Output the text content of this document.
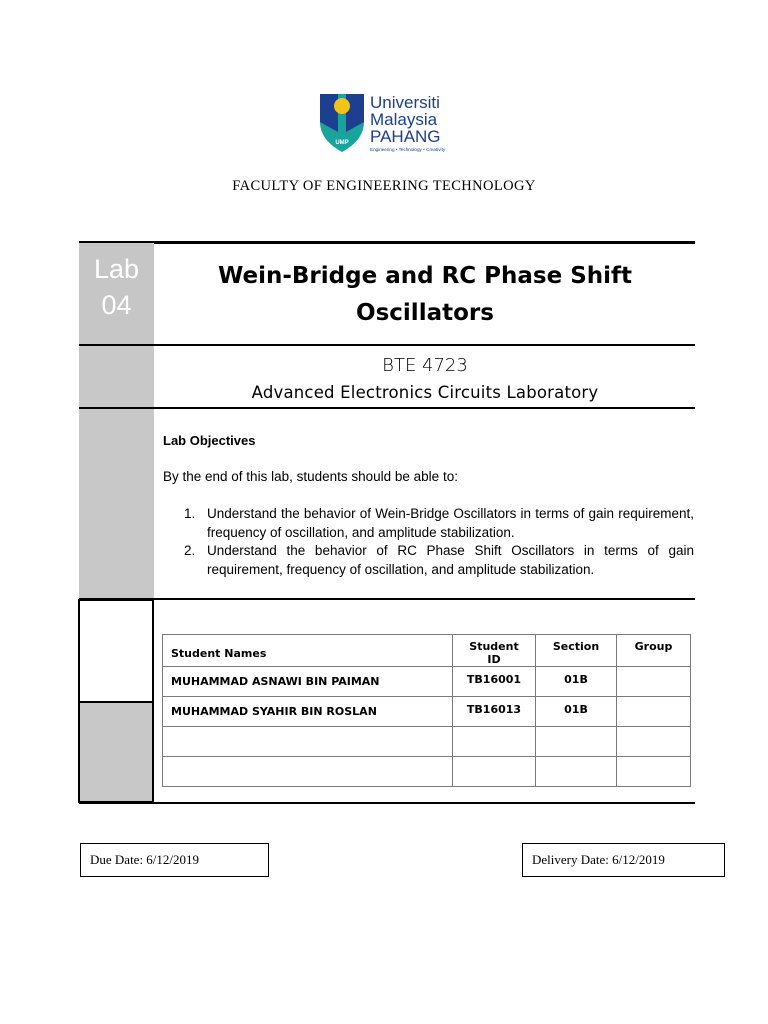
UMP
Universiti
Malaysia
PAHANG
Engineering • Technology • Creativity
FACULTY OF ENGINEERING TECHNOLOGY
Lab
04
Wein-Bridge and RC Phase Shift
Oscillators
BTE 4723
Advanced Electronics Circuits Laboratory
Lab Objectives
By the end of this lab, students should be able to:
1. Understand the behavior of Wein-Bridge Oscillators in terms of gain requirement, frequency of oscillation, and amplitude stabilization.
2. Understand the behavior of RC Phase Shift Oscillators in terms of gain requirement, frequency of oscillation, and amplitude stabilization.
Student Names	Student ID	Section	Group
MUHAMMAD ASNAWI BIN PAIMAN	TB16001	01B	
MUHAMMAD SYAHIR BIN ROSLAN	TB16013	01B	

Due Date: 6/12/2019	Delivery Date: 6/12/2019
